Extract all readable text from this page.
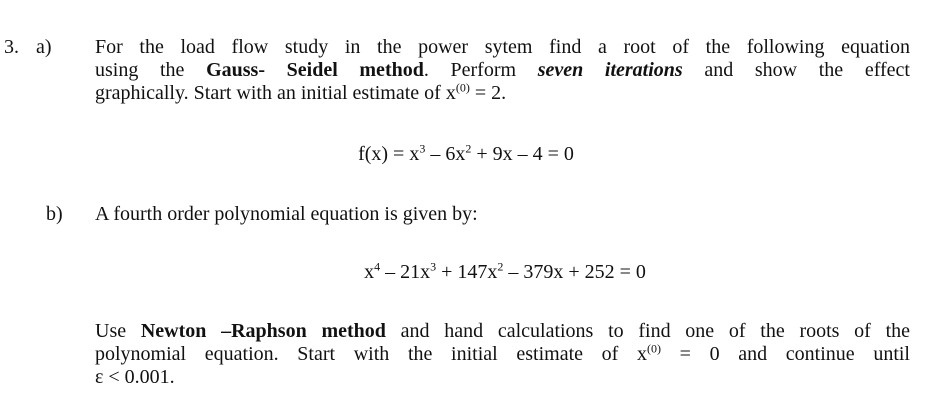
3. a) For the load flow study in the power sytem find a root of the following equation
using the Gauss- Seidel method. Perform seven iterations and show the effect
graphically. Start with an initial estimate of $x^{(0)} = 2$.
$f(x) = x^3 - 6x^2 + 9x - 4 = 0$
b) A fourth order polynomial equation is given by:
$x^4 - 21x^3 + 147x^2 - 379x + 252 = 0$
Use Newton –Raphson method and hand calculations to find one of the roots of the
polynomial equation. Start with the initial estimate of $x^{(0)} = 0$ and continue until
ε < 0.001.
